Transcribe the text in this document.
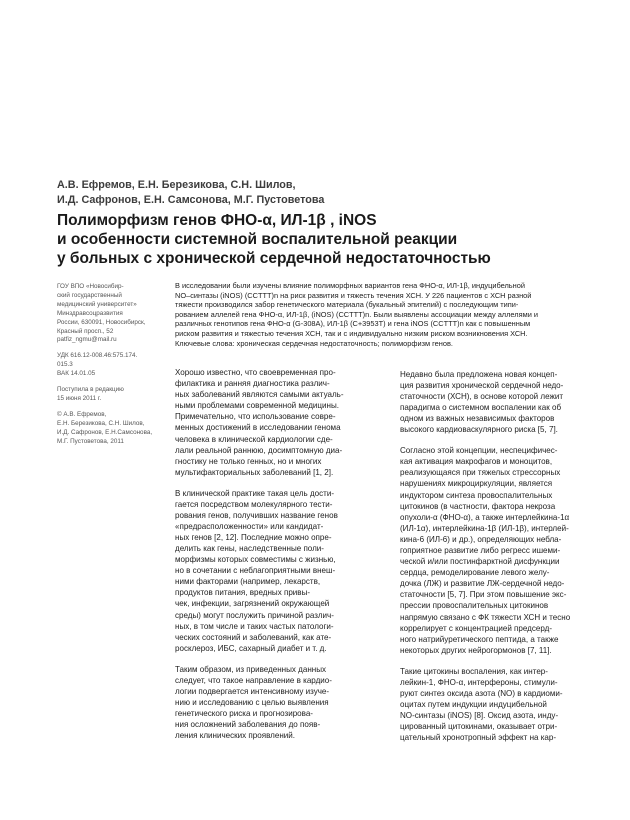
А.В. Ефремов, Е.Н. Березикова, С.Н. Шилов,
И.Д. Сафронов, Е.Н. Самсонова, М.Г. Пустоветова
Полиморфизм генов ФНО-α, ИЛ-1β , iNOS
и особенности системной воспалительной реакции
у больных с хронической сердечной недостаточностью
ГОУ ВПО «Новосибир-
ский государственный
медицинский университет»
Минздравсоцразвития
России, 630091, Новосибирск,
Красный просп., 52
patfiz_ngmu@mail.ru
УДК 616.12-008.46:575.174.
015.3
ВАК 14.01.05
Поступила в редакцию
15 июня 2011 г.
© А.В. Ефремов,
Е.Н. Березикова, С.Н. Шилов,
И.Д. Сафронов, Е.Н.Самсонова,
М.Г. Пустоветова, 2011
В исследовании были изучены влияние полиморфных вариантов гена ФНО-α, ИЛ-1β, индуцибельной
NO–синтазы (iNOS) (CCTTT)n на риск развития и тяжесть течения ХСН. У 226 пациентов с ХСН разной
тяжести производился забор генетического материала (букальный эпителий) с последующим типи-
рованием аллелей гена ФНО-α, ИЛ-1β, (iNOS) (CCTTT)n. Были выявлены ассоциации между аллелями и
различных генотипов гена ФНО-α (G-308A), ИЛ-1β (C+3953T) и гена iNOS (CCTTT)n как с повышенным
риском развития и тяжестью течения ХСН, так и с индивидуально низким риском возникновения ХСН.
Ключевые слова: хроническая сердечная недостаточность; полиморфизм генов.
Хорошо известно, что своевременная про-
филактика и ранняя диагностика различ-
ных заболеваний являются самыми актуаль-
ными проблемами современной медицины.
Примечательно, что использование совре-
менных достижений в исследовании генома
человека в клинической кардиологии сде-
лали реальной раннюю, досимптомную диа-
гностику не только генных, но и многих
мультифакториальных заболеваний [1, 2].
В клинической практике такая цель дости-
гается посредством молекулярного тести-
рования генов, получивших название генов
«предрасположенности» или кандидат-
ных генов [2, 12]. Последние можно опре-
делить как гены, наследственные поли-
морфизмы которых совместимы с жизнью,
но в сочетании с неблагоприятными внеш-
ними факторами (например, лекарств,
продуктов питания, вредных привы-
чек, инфекции, загрязнений окружающей
среды) могут послужить причиной различ-
ных, в том числе и таких частых патологи-
ческих состояний и заболеваний, как ате-
росклероз, ИБС, сахарный диабет и т. д.
Таким образом, из приведенных данных
следует, что такое направление в кардио-
логии подвергается интенсивному изуче-
нию и исследованию с целью выявления
генетического риска и прогнозирова-
ния осложнений заболевания до появ-
ления клинических проявлений.
Недавно была предложена новая концеп-
ция развития хронической сердечной недо-
статочности (ХСН), в основе которой лежит
парадигма о системном воспалении как об
одном из важных независимых факторов
высокого кардиоваскулярного риска [5, 7].
Согласно этой концепции, неспецифичес-
кая активация макрофагов и моноцитов,
реализующаяся при тяжелых стрессорных
нарушениях микроциркуляции, является
индуктором синтеза провоспалительных
цитокинов (в частности, фактора некроза
опухоли-α (ФНО-α), а также интерлейкина-1α
(ИЛ-1α), интерлейкина-1β (ИЛ-1β), интерлей-
кина-6 (ИЛ-6) и др.), определяющих небла-
гоприятное развитие либо регресс ишеми-
ческой и/или постинфарктной дисфункции
сердца, ремоделирование левого желу-
дочка (ЛЖ) и развитие ЛЖ-сердечной недо-
статочности [5, 7]. При этом повышение экс-
прессии провоспалительных цитокинов
напрямую связано с ФК тяжести ХСН и тесно
коррелирует с концентрацией предсерд-
ного натрийуретического пептида, а также
некоторых других нейрогормонов [7, 11].
Такие цитокины воспаления, как интер-
лейкин-1, ФНО-α, интерфероны, стимули-
руют синтез оксида азота (NO) в кардиоми-
оцитах путем индукции индуцибельной
NO-синтазы (iNOS) [8]. Оксид азота, инду-
цированный цитокинами, оказывает отри-
цательный хронотропный эффект на кар-
